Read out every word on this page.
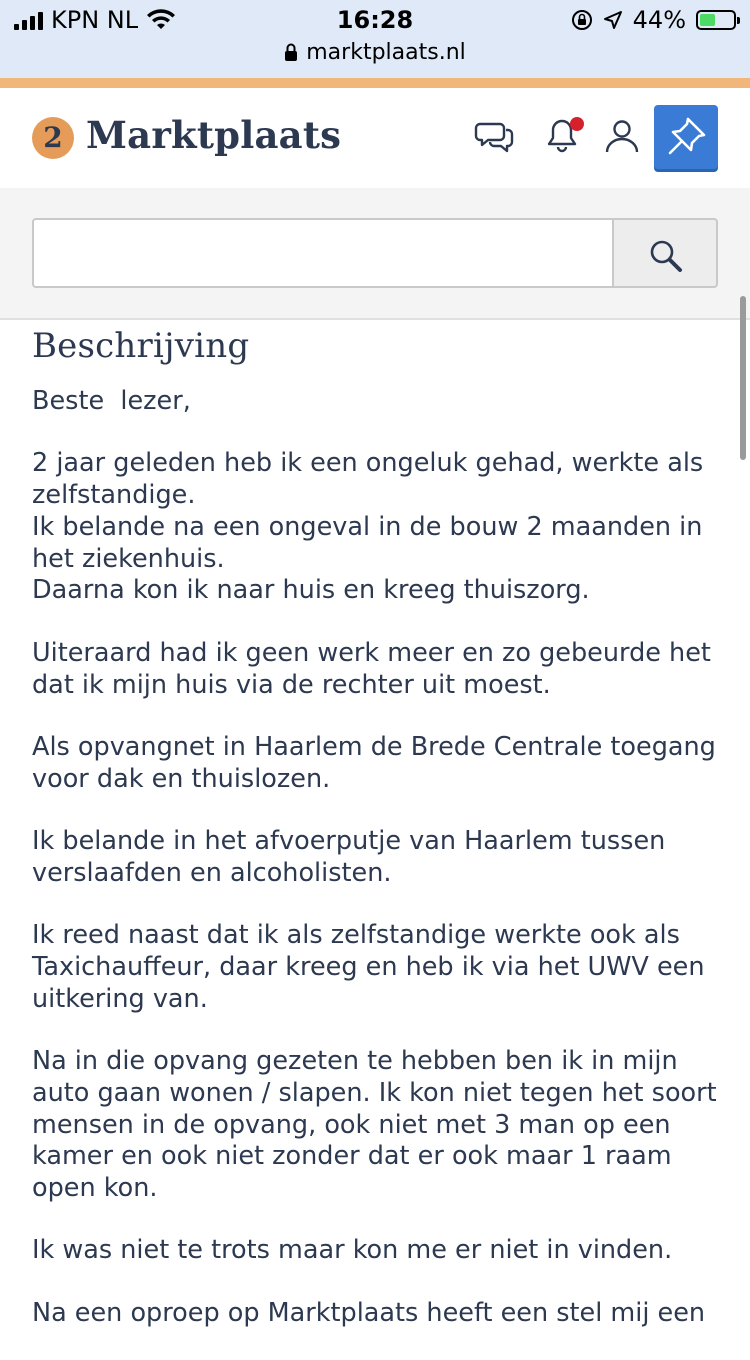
KPN NL	16:28
marktplaats.nl
44%
2 Marktplaats
Beschrijving

Beste  lezer,

2 jaar geleden heb ik een ongeluk gehad, werkte als zelfstandige.
Ik belande na een ongeval in de bouw 2 maanden in het ziekenhuis.
Daarna kon ik naar huis en kreeg thuiszorg.

Uiteraard had ik geen werk meer en zo gebeurde het dat ik mijn huis via de rechter uit moest.

Als opvangnet in Haarlem de Brede Centrale toegang voor dak en thuislozen.

Ik belande in het afvoerputje van Haarlem tussen verslaafden en alcoholisten.

Ik reed naast dat ik als zelfstandige werkte ook als Taxichauffeur, daar kreeg en heb ik via het UWV een uitkering van.

Na in die opvang gezeten te hebben ben ik in mijn auto gaan wonen / slapen. Ik kon niet tegen het soort mensen in de opvang, ook niet met 3 man op een kamer en ook niet zonder dat er ook maar 1 raam open kon.

Ik was niet te trots maar kon me er niet in vinden.

Na een oproep op Marktplaats heeft een stel mij een
